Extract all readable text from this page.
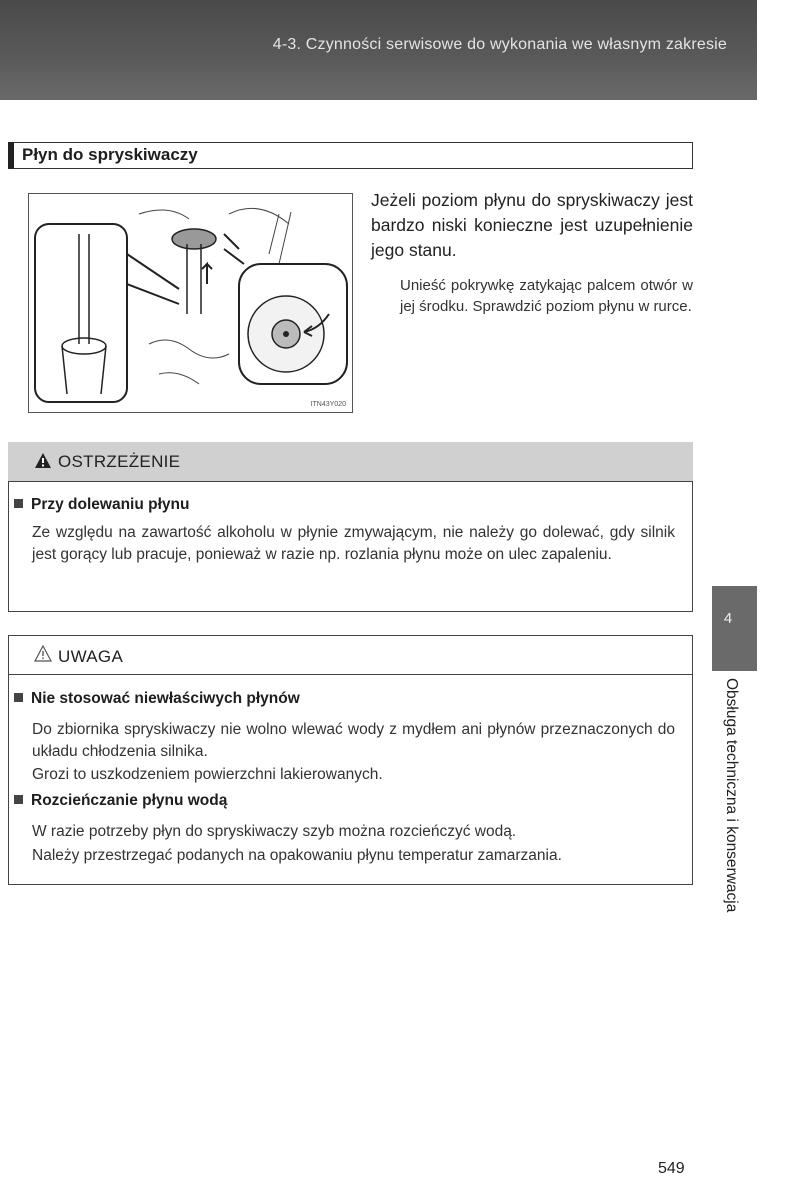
4-3. Czynności serwisowe do wykonania we własnym zakresie
Płyn do spryskiwaczy
ITN43Y020
Jeżeli poziom płynu do spryskiwaczy jest bardzo niski konieczne jest uzupełnienie jego stanu.
Unieść pokrywkę zatykając palcem otwór w jej środku. Sprawdzić poziom płynu w rurce.
OSTRZEŻENIE
Przy dolewaniu płynu
Ze względu na zawartość alkoholu w płynie zmywającym, nie należy go dolewać, gdy silnik jest gorący lub pracuje, ponieważ w razie np. rozlania płynu może on ulec zapaleniu.
UWAGA
Nie stosować niewłaściwych płynów
Do zbiornika spryskiwaczy nie wolno wlewać wody z mydłem ani płynów przeznaczonych do układu chłodzenia silnika.
Grozi to uszkodzeniem powierzchni lakierowanych.
Rozcieńczanie płynu wodą
W razie potrzeby płyn do spryskiwaczy szyb można rozcieńczyć wodą.
Należy przestrzegać podanych na opakowaniu płynu temperatur zamarzania.
4
Obsługa techniczna i konserwacja
549
